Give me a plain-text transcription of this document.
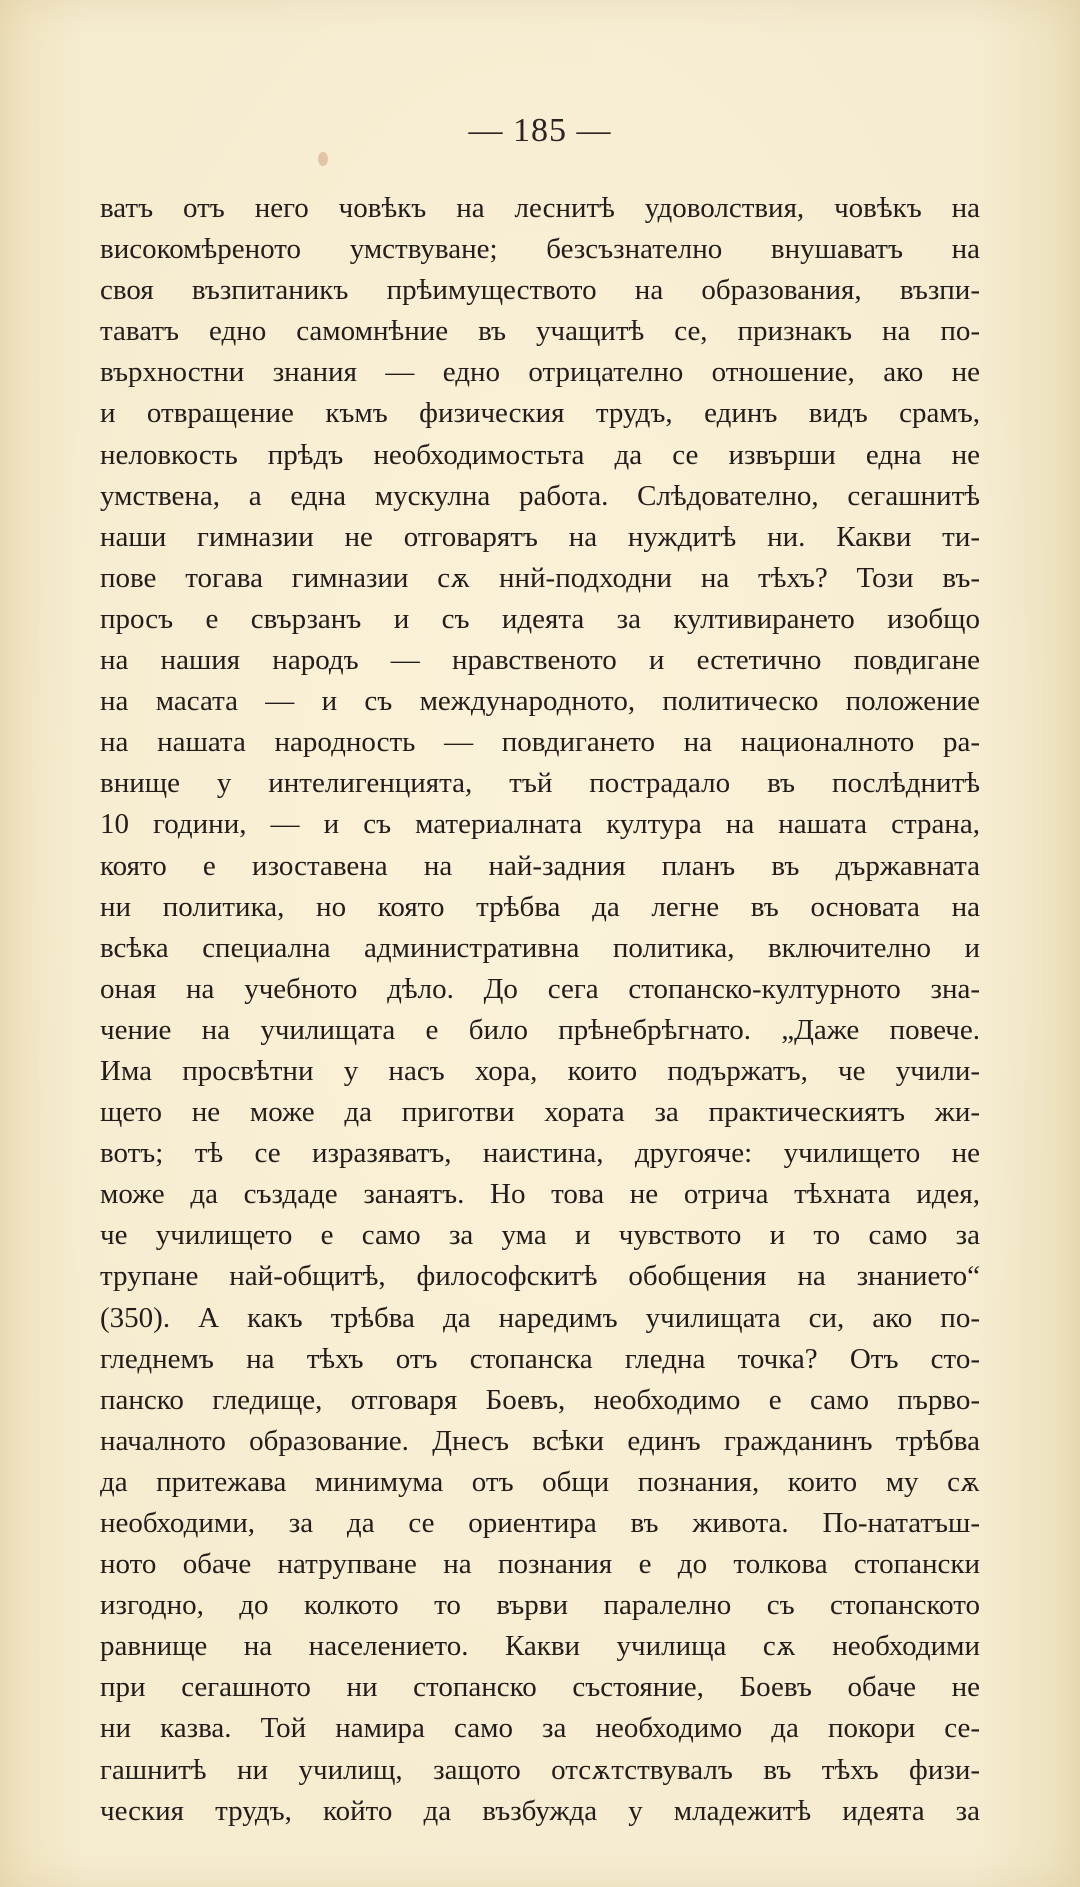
— 185 —
ватъ отъ него човѣкъ на леснитѣ удоволствия, човѣкъ на
високомѣреното умствуване; безсъзнателно внушаватъ на
своя възпитаникъ прѣимуществото на образования, възпи-
таватъ едно самомнѣние въ учащитѣ се, признакъ на по-
върхностни знания — едно отрицателно отношение, ако не
и отвращение къмъ физическия трудъ, единъ видъ срамъ,
неловкость прѣдъ необходимостьта да се извърши една не
умствена, а една мускулна работа. Слѣдователно, сегашнитѣ
наши гимназии не отговарятъ на нуждитѣ ни. Какви ти-
пове тогава гимназии сѫ ннй-подходни на тѣхъ? Този въ-
просъ е свързанъ и съ идеята за култивирането изобщо
на нашия народъ — нравственото и естетично повдигане
на масата — и съ международното, политическо положение
на нашата народность — повдигането на националното ра-
внище у интелигенцията, тъй пострадало въ послѣднитѣ
10 години, — и съ материалната култура на нашата страна,
която е изоставена на най-задния планъ въ държавната
ни политика, но която трѣбва да легне въ основата на
всѣка специална административна политика, включително и
оная на учебното дѣло. До сега стопанско-културното зна-
чение на училищата е било прѣнебрѣгнато. „Даже повече.
Има просвѣтни у насъ хора, които подържатъ, че учили-
щето не може да приготви хората за практическиятъ жи-
вотъ; тѣ се изразяватъ, наистина, другояче: училището не
може да създаде занаятъ. Но това не отрича тѣхната идея,
че училището е само за ума и чувството и то само за
трупане най-общитѣ, философскитѣ обобщения на знанието“
(350). А какъ трѣбва да наредимъ училищата си, ако по-
гледнемъ на тѣхъ отъ стопанска гледна точка? Отъ сто-
панско гледище, отговаря Боевъ, необходимо е само първо-
началното образование. Днесъ всѣки единъ гражданинъ трѣбва
да притежава минимума отъ общи познания, които му сѫ
необходими, за да се ориентира въ живота. По-нататъш-
ното обаче натрупване на познания е до толкова стопански
изгодно, до колкото то върви паралелно съ стопанското
равнище на населението. Какви училища сѫ необходими
при сегашното ни стопанско състояние, Боевъ обаче не
ни казва. Той намира само за необходимо да покори се-
гашнитѣ ни училищ, защото отсѫтствувалъ въ тѣхъ физи-
ческия трудъ, който да възбужда у младежитѣ идеята за
